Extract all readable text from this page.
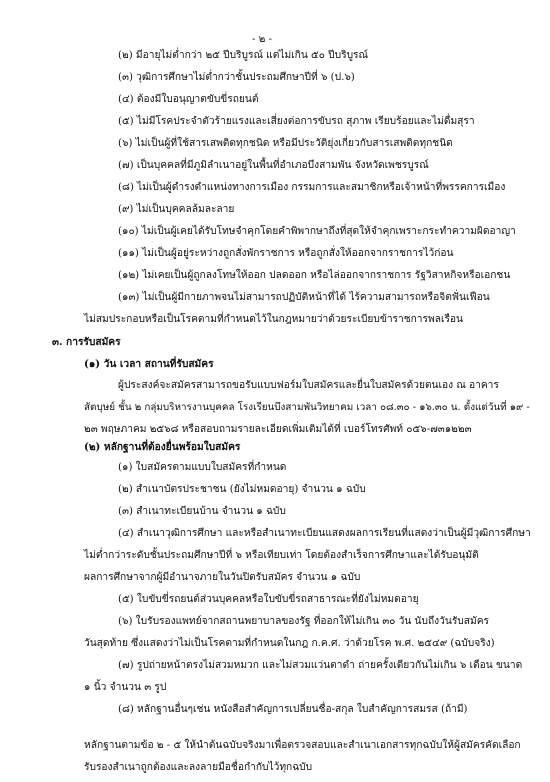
- ๒ -
(๒) มีอายุไม่ต่ำกว่า ๒๕ ปีบริบูรณ์ แต่ไม่เกิน ๕๐ ปีบริบูรณ์
(๓) วุฒิการศึกษาไม่ต่ำกว่าชั้นประถมศึกษาปีที่ ๖ (ป.๖)
(๔) ต้องมีใบอนุญาตขับขี่รถยนต์
(๕) ไม่มีโรคประจำตัวร้ายแรงและเสี่ยงต่อการขับรถ สุภาพ เรียบร้อยและไม่ดื่มสุรา
(๖) ไม่เป็นผู้ที่ใช้สารเสพติดทุกชนิด หรือมีประวัติยุ่งเกี่ยวกับสารเสพติดทุกชนิด
(๗) เป็นบุคคลที่มีภูมิลำเนาอยู่ในพื้นที่อำเภอบึงสามพัน จังหวัดเพชรบูรณ์
(๘) ไม่เป็นผู้ดำรงตำแหน่งทางการเมือง กรรมการและสมาชิกหรือเจ้าหน้าที่พรรคการเมือง
(๙) ไม่เป็นบุคคลล้มละลาย
(๑๐) ไม่เป็นผู้เคยได้รับโทษจำคุกโดยคำพิพากษาถึงที่สุดให้จำคุกเพราะกระทำความผิดอาญา
(๑๑) ไม่เป็นผู้อยู่ระหว่างถูกสั่งพักราชการ หรือถูกสั่งให้ออกจากราชการไว้ก่อน
(๑๒) ไม่เคยเป็นผู้ถูกลงโทษให้ออก ปลดออก หรือไล่ออกจากราชการ รัฐวิสาหกิจหรือเอกชน
(๑๓) ไม่เป็นผู้มีกายภาพจนไม่สามารถปฏิบัติหน้าที่ได้ ไร้ความสามารถหรือจิตฟั่นเฟือน
ไม่สมประกอบหรือเป็นโรคตามที่กำหนดไว้ในกฎหมายว่าด้วยระเบียบข้าราชการพลเรือน
๓. การรับสมัคร
(๑) วัน เวลา สถานที่รับสมัคร
ผู้ประสงค์จะสมัครสามารถขอรับแบบฟอร์มใบสมัครและยื่นใบสมัครด้วยตนเอง ณ อาคาร
สัตบุษย์ ชั้น ๒ กลุ่มบริหารงานบุคคล โรงเรียนบึงสามพันวิทยาคม เวลา ๐๘.๓๐ - ๑๖.๓๐ น. ตั้งแต่วันที่ ๑๙ -
๒๓ พฤษภาคม ๒๕๖๘ หรือสอบถามรายละเอียดเพิ่มเติมได้ที่ เบอร์โทรศัพท์ ๐๕๖-๗๓๑๒๒๓
(๒) หลักฐานที่ต้องยื่นพร้อมใบสมัคร
(๑) ใบสมัครตามแบบใบสมัครที่กำหนด
(๒) สำเนาบัตรประชาชน (ยังไม่หมดอายุ) จำนวน ๑ ฉบับ
(๓) สำเนาทะเบียนบ้าน จำนวน ๑ ฉบับ
(๔) สำเนาวุฒิการศึกษา และหรือสำเนาทะเบียนแสดงผลการเรียนที่แสดงว่าเป็นผู้มีวุฒิการศึกษา
ไม่ต่ำกว่าระดับชั้นประถมศึกษาปีที่ ๖ หรือเทียบเท่า โดยต้องสำเร็จการศึกษาและได้รับอนุมัติ
ผลการศึกษาจากผู้มีอำนาจภายในวันปิดรับสมัคร จำนวน ๑ ฉบับ
(๕) ใบขับขี่รถยนต์ส่วนบุคคลหรือใบขับขี่รถสาธารณะที่ยังไม่หมดอายุ
(๖) ใบรับรองแพทย์จากสถานพยาบาลของรัฐ ที่ออกให้ไม่เกิน ๓๐ วัน นับถึงวันรับสมัคร
วันสุดท้าย ซึ่งแสดงว่าไม่เป็นโรคตามที่กำหนดในกฎ ก.ค.ศ. ว่าด้วยโรค พ.ศ. ๒๕๔๙ (ฉบับจริง)
(๗) รูปถ่ายหน้าตรงไม่สวมหมวก และไม่สวมแว่นตาดำ ถ่ายครั้งเดียวกันไม่เกิน ๖ เดือน ขนาด
๑ นิ้ว จำนวน ๓ รูป
(๘) หลักฐานอื่นๆเช่น หนังสือสำคัญการเปลี่ยนชื่อ-สกุล ใบสำคัญการสมรส (ถ้ามี)
หลักฐานตามข้อ ๒ - ๕ ให้นำต้นฉบับจริงมาเพื่อตรวจสอบและสำเนาเอกสารทุกฉบับให้ผู้สมัครคัดเลือก
รับรองสำเนาถูกต้องและลงลายมือชื่อกำกับไว้ทุกฉบับ
